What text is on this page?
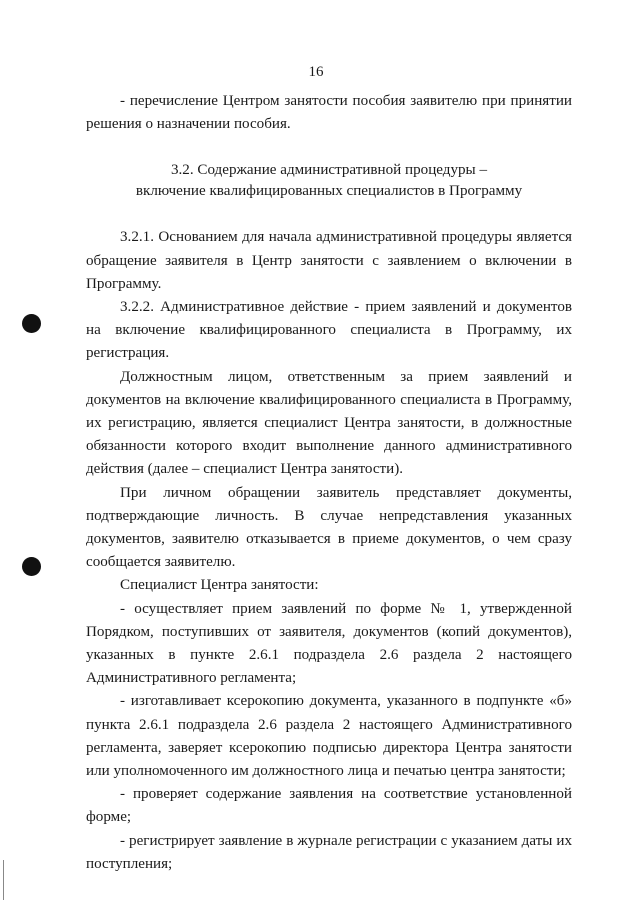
16

- перечисление Центром занятости пособия заявителю при принятии решения о назначении пособия.

3.2. Содержание административной процедуры –

включение квалифицированных специалистов в Программу

3.2.1. Основанием для начала административной процедуры является обращение заявителя в Центр занятости с заявлением о включении в Программу.

3.2.2. Административное действие - прием заявлений и документов на включение квалифицированного специалиста в Программу, их регистрация.

Должностным лицом, ответственным за прием заявлений и документов на включение квалифицированного специалиста в Программу, их регистрацию, является специалист Центра занятости, в должностные обязанности которого входит выполнение данного административного действия (далее – специалист Центра занятости).

При личном обращении заявитель представляет документы, подтверждающие личность. В случае непредставления указанных документов, заявителю отказывается в приеме документов, о чем сразу сообщается заявителю.

Специалист Центра занятости:

- осуществляет прием заявлений по форме № 1, утвержденной Порядком, поступивших от заявителя, документов (копий документов), указанных в пункте 2.6.1 подраздела 2.6 раздела 2 настоящего Административного регламента;

- изготавливает ксерокопию документа, указанного в подпункте «б» пункта 2.6.1 подраздела 2.6 раздела 2 настоящего Административного регламента, заверяет ксерокопию подписью директора Центра занятости или уполномоченного им должностного лица и печатью центра занятости;

- проверяет содержание заявления на соответствие установленной форме;

- регистрирует заявление в журнале регистрации с указанием даты их поступления;
